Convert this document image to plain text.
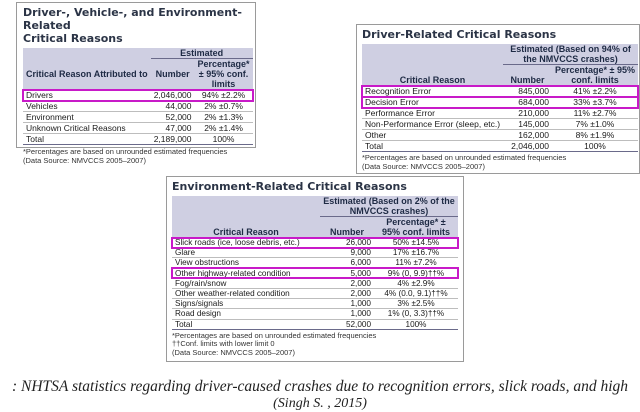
Driver-, Vehicle-, and Environment-Related
Critical Reasons
	Estimated	
Critical Reason Attributed to	Number	Percentage* ± 95% conf. limits
Drivers	2,046,000	94% ±2.2%
Vehicles	44,000	2% ±0.7%
Environment	52,000	2% ±1.3%
Unknown Critical Reasons	47,000	2% ±1.4%
Total	2,189,000	100%
*Percentages are based on unrounded estimated frequencies
(Data Source: NMVCCS 2005–2007)
Driver-Related Critical Reasons
	Estimated (Based on 94% of the NMVCCS crashes)	
Critical Reason	Number	Percentage* ± 95% conf. limits
Recognition Error	845,000	41% ±2.2%
Decision Error	684,000	33% ±3.7%
Performance Error	210,000	11% ±2.7%
Non-Performance Error (sleep, etc.)	145,000	7% ±1.0%
Other	162,000	8% ±1.9%
Total	2,046,000	100%
*Percentages are based on unrounded estimated frequencies
(Data Source: NMVCCS 2005–2007)
Environment-Related Critical Reasons
	Estimated (Based on 2% of the NMVCCS crashes)	
Critical Reason	Number	Percentage* ± 95% conf. limits
Slick roads (ice, loose debris, etc.)	26,000	50% ±14.5%
Glare	9,000	17% ±16.7%
View obstructions	6,000	11% ±7.2%
Other highway-related condition	5,000	9% (0, 9.9)††%
Fog/rain/snow	2,000	4% ±2.9%
Other weather-related condition	2,000	4% (0.0, 9.1)††%
Signs/signals	1,000	3% ±2.5%
Road design	1,000	1% (0, 3.3)††%
Total	52,000	100%
*Percentages are based on unrounded estimated frequencies
††Conf. limits with lower limit 0
(Data Source: NMVCCS 2005–2007)
: NHTSA statistics regarding driver-caused crashes due to recognition errors, slick roads, and high
(Singh S. , 2015)
